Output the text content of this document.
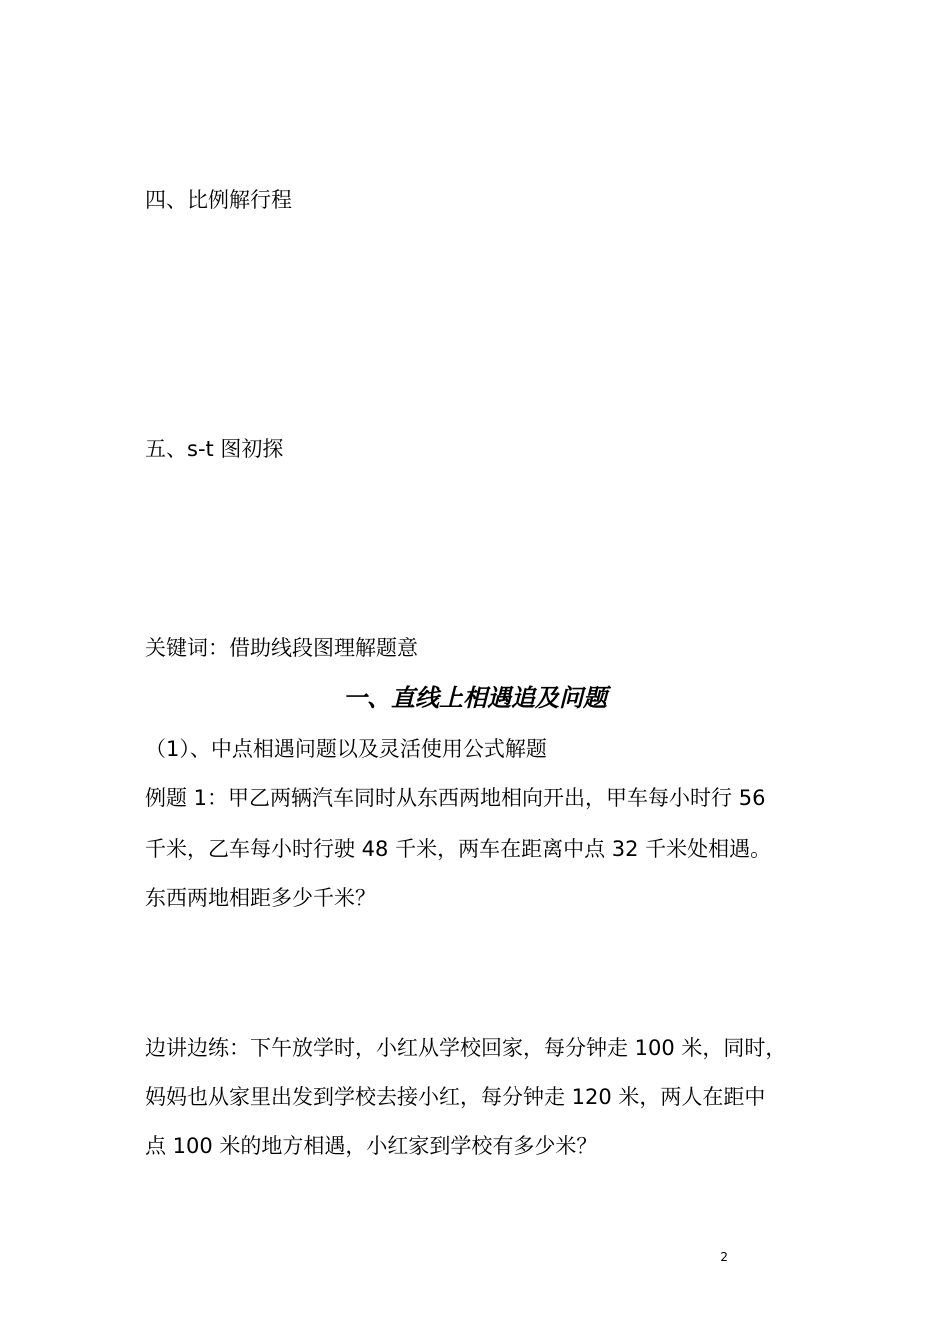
四、比例解行程
五、s-t 图初探
关键词：借助线段图理解题意
一、直线上相遇追及问题
（1）、中点相遇问题以及灵活使用公式解题
例题 1：甲乙两辆汽车同时从东西两地相向开出，甲车每小时行 56
千米，乙车每小时行驶 48 千米，两车在距离中点 32 千米处相遇。
东西两地相距多少千米？
边讲边练：下午放学时，小红从学校回家，每分钟走 100 米，同时，
妈妈也从家里出发到学校去接小红，每分钟走 120 米，两人在距中
点 100 米的地方相遇，小红家到学校有多少米？
2
